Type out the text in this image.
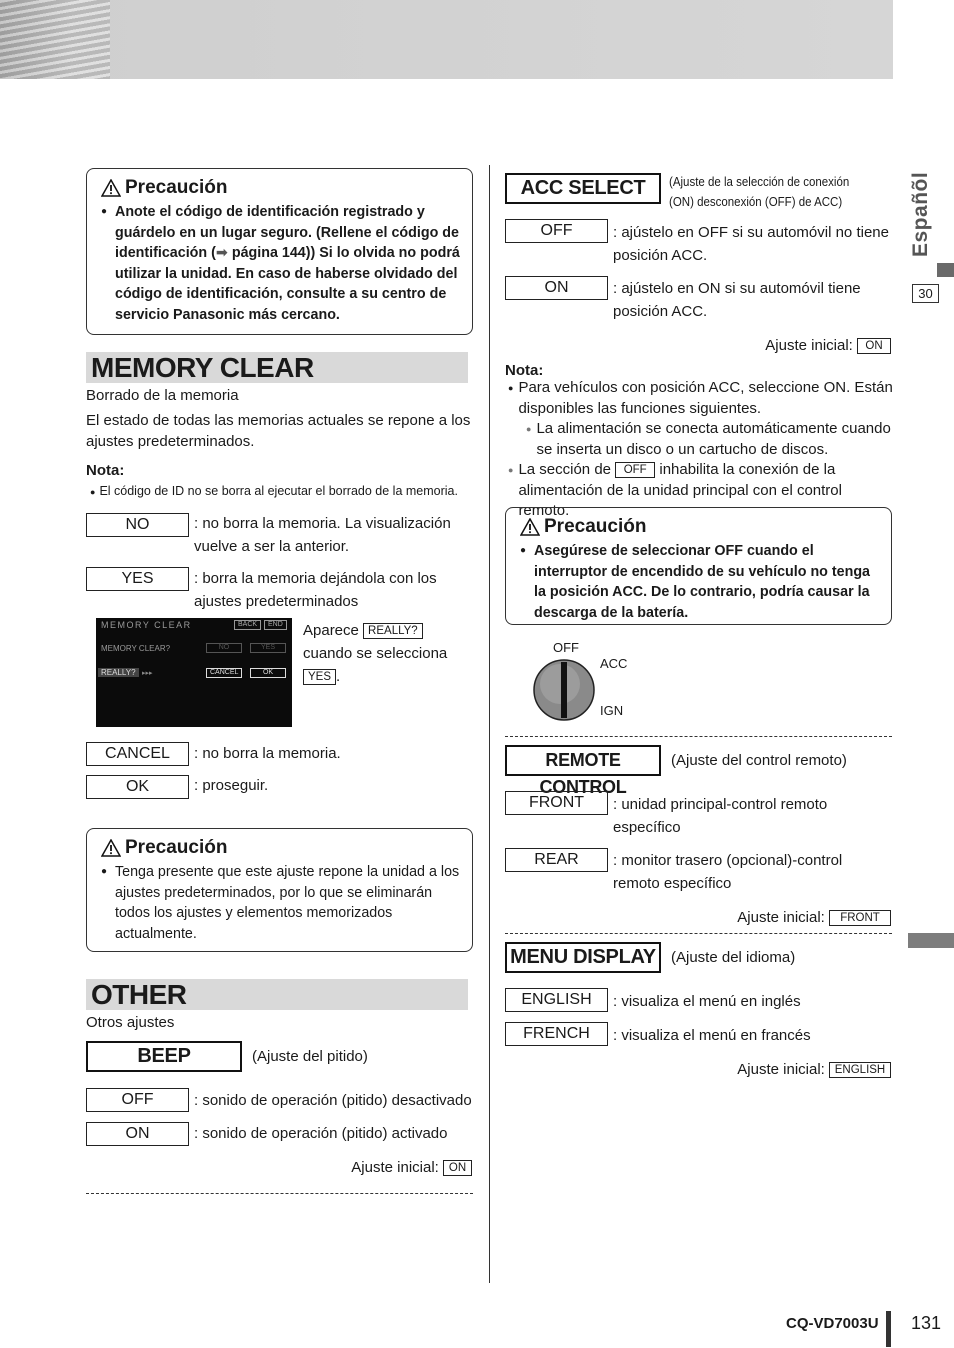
Españõl
30
Precaución
● Anote el código de identificación registrado y guárdelo en un lugar seguro. (Rellene el código de identificación (➡ página 144)) Si lo olvida no podrá utilizar la unidad. En caso de haberse olvidado del código de identificación, consulte a su centro de servicio Panasonic más cercano.
MEMORY CLEAR
Borrado de la memoria
El estado de todas las memorias actuales se repone a los ajustes predeterminados.
Nota:
● El código de ID no se borra al ejecutar el borrado de la memoria.
NO	: no borra la memoria. La visualización vuelve a ser la anterior.
YES	: borra la memoria dejándola con los ajustes predeterminados
MEMORY CLEAR	BACK	END
MEMORY CLEAR?	NO	YES
REALLY? ▸▸▸	CANCEL	OK
Aparece REALLY?
cuando se selecciona
YES .
CANCEL	: no borra la memoria.
OK	: proseguir.
Precaución
● Tenga presente que este ajuste repone la unidad a los ajustes predeterminados, por lo que se eliminarán todos los ajustes y elementos memorizados actualmente.
OTHER
Otros ajustes
BEEP	(Ajuste del pitido)
OFF	: sonido de operación (pitido) desactivado
ON	: sonido de operación (pitido) activado
Ajuste inicial: ON
ACC SELECT	(Ajuste de la selección de conexión (ON) desconexión (OFF) de ACC)
OFF	: ajústelo en OFF si su automóvil no tiene posición ACC.
ON	: ajústelo en ON si su automóvil tiene posición ACC.
Ajuste inicial: ON
Nota:
● Para vehículos con posición ACC, seleccione ON. Están disponibles las funciones siguientes.
● La alimentación se conecta automáticamente cuando se inserta un disco o un cartucho de discos.
● La sección de OFF inhabilita la conexión de la alimentación de la unidad principal con el control remoto.
Precaución
● Asegúrese de seleccionar OFF cuando el interruptor de encendido de su vehículo no tenga la posición ACC. De lo contrario, podría causar la descarga de la batería.
OFF
ACC
IGN
REMOTE CONTROL
(Ajuste del control remoto)
FRONT	: unidad principal-control remoto específico
REAR	: monitor trasero (opcional)-control remoto específico
Ajuste inicial: FRONT
MENU DISPLAY	(Ajuste del idioma)
ENGLISH	: visualiza el menú en inglés
FRENCH	: visualiza el menú en francés
Ajuste inicial: ENGLISH
CQ-VD7003U 131
